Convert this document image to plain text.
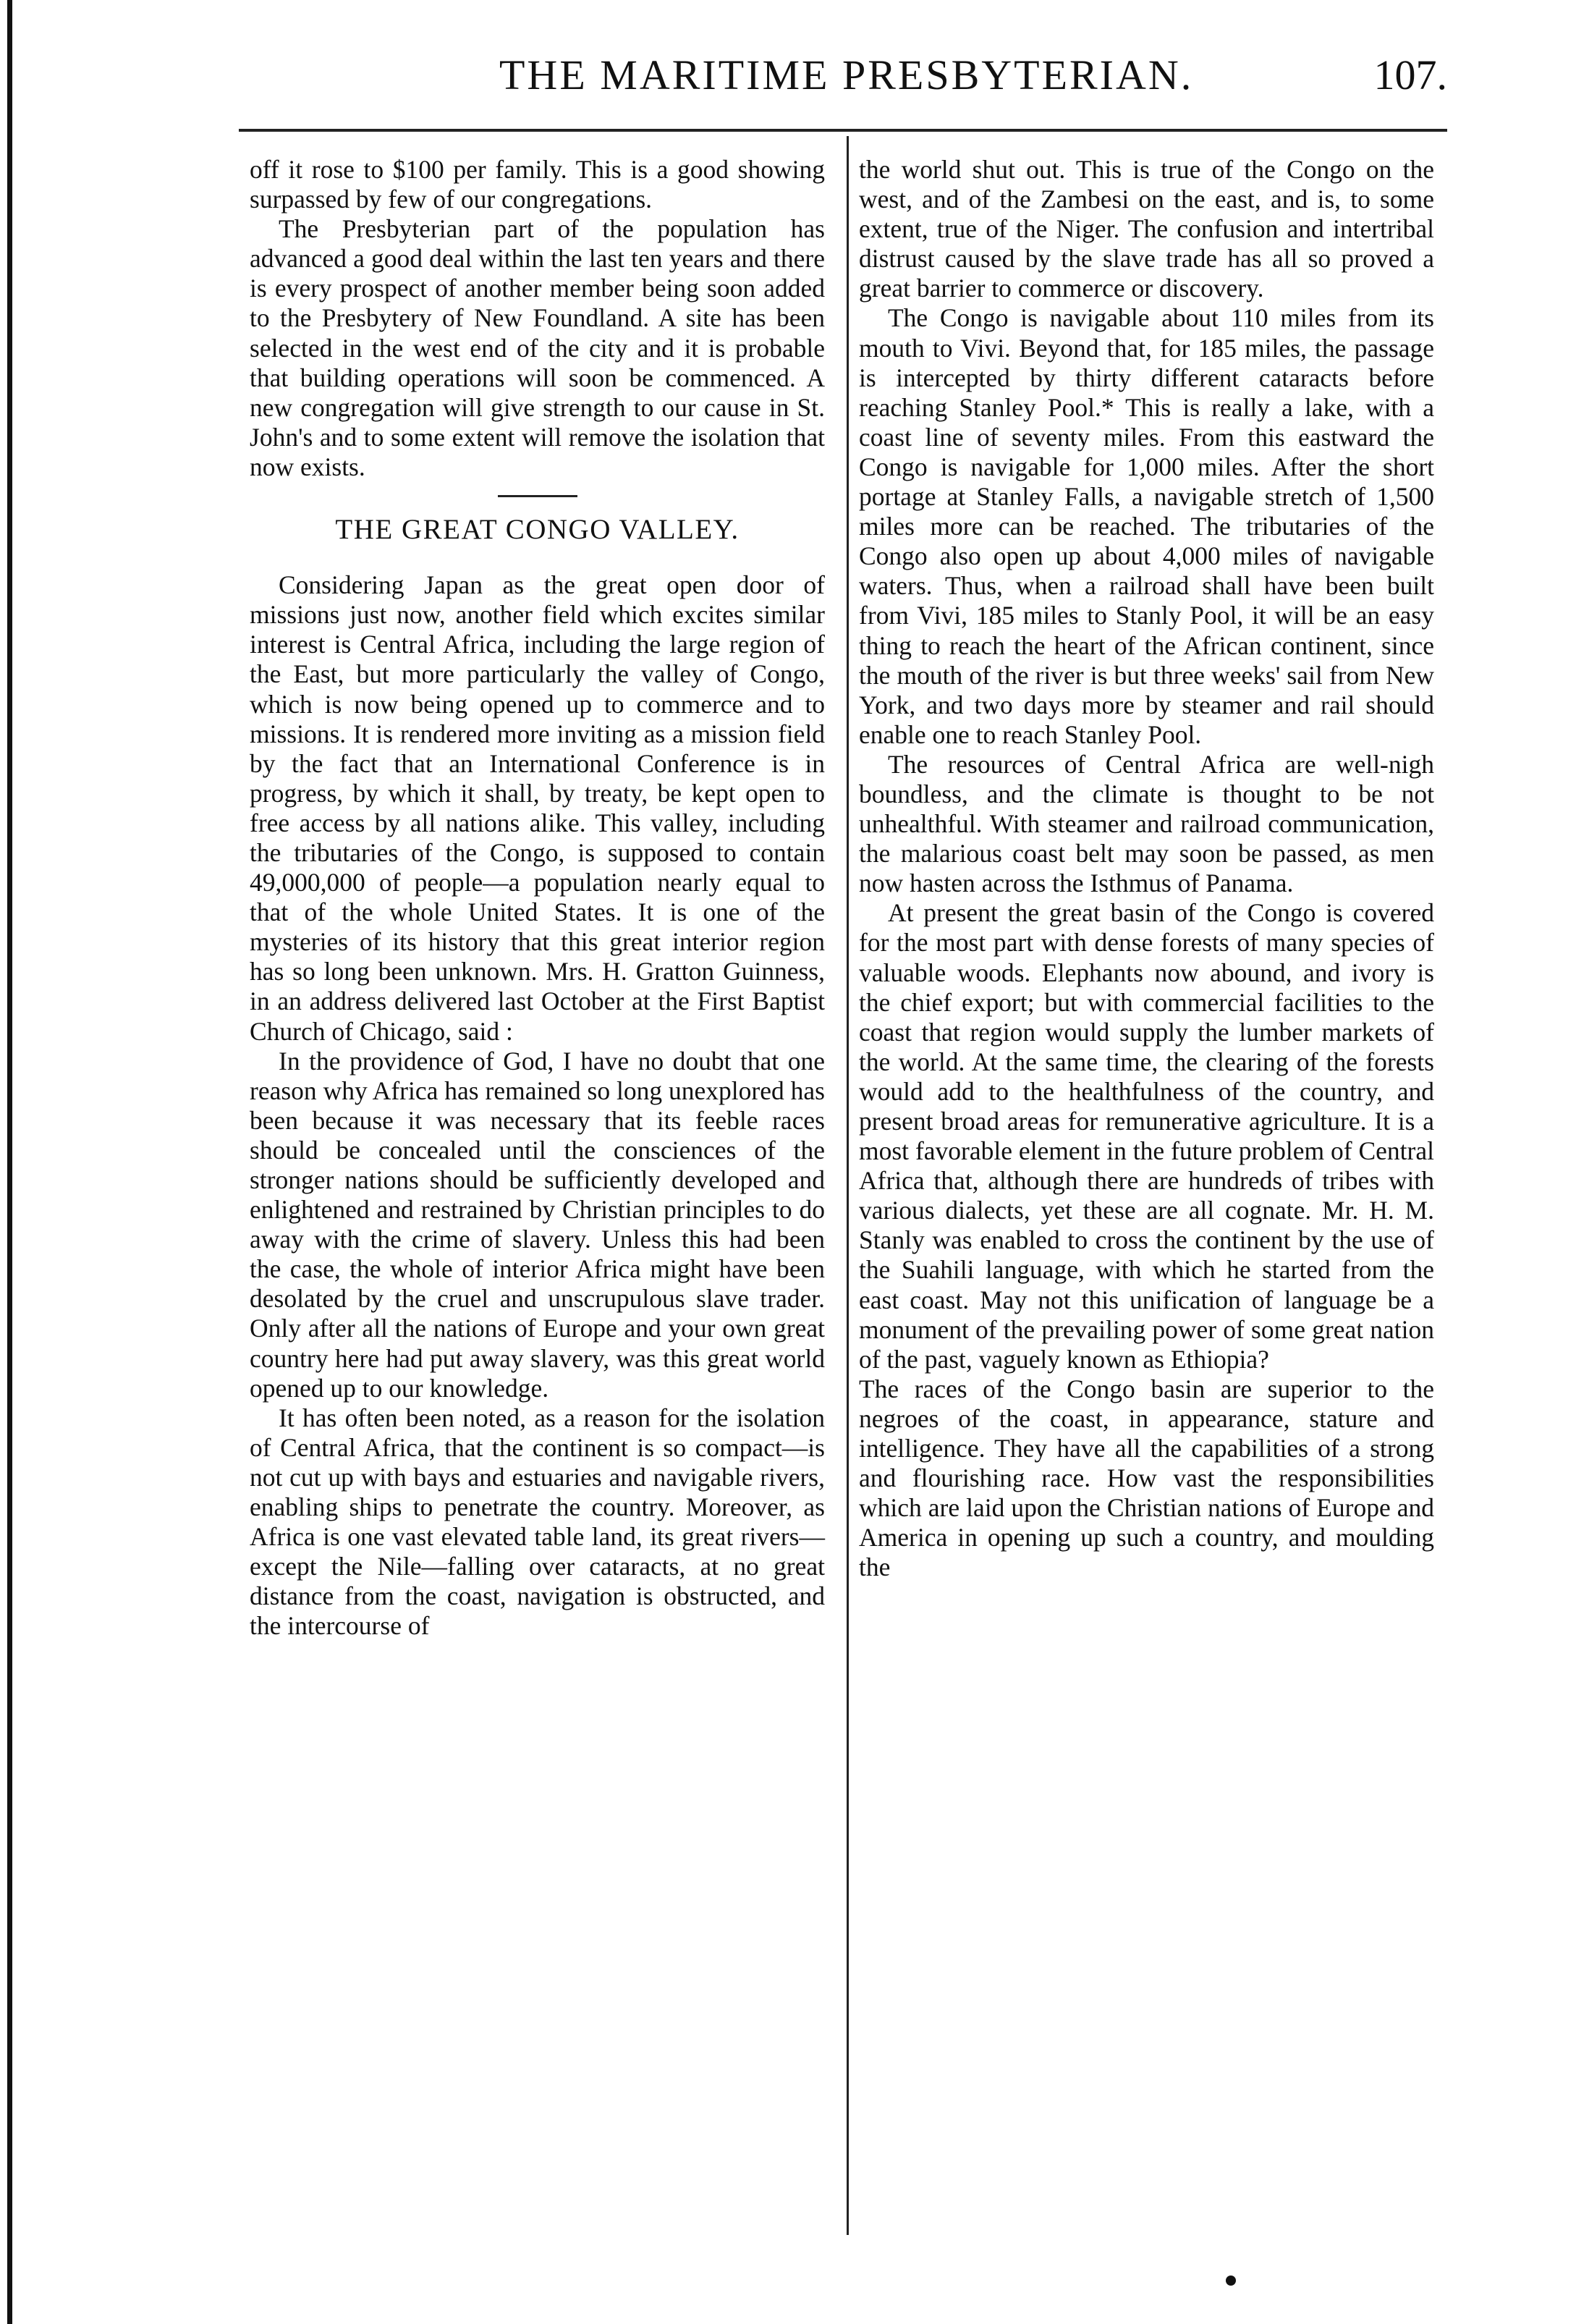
THE MARITIME PRESBYTERIAN.	107.

off it rose to $100 per family. This is a good showing surpassed by few of our congregations.

The Presbyterian part of the population has advanced a good deal within the last ten years and there is every prospect of another member being soon added to the Presbytery of New Foundland. A site has been selected in the west end of the city and it is probable that building operations will soon be commenced. A new congregation will give strength to our cause in St. John's and to some extent will remove the isolation that now exists.

THE GREAT CONGO VALLEY.

Considering Japan as the great open door of missions just now, another field which excites similar interest is Central Africa, including the large region of the East, but more particularly the valley of Congo, which is now being opened up to commerce and to missions. It is rendered more inviting as a mission field by the fact that an International Conference is in progress, by which it shall, by treaty, be kept open to free access by all nations alike. This valley, including the tributaries of the Congo, is supposed to contain 49,000,000 of people—a population nearly equal to that of the whole United States. It is one of the mysteries of its history that this great interior region has so long been unknown. Mrs. H. Gratton Guinness, in an address delivered last October at the First Baptist Church of Chicago, said :

In the providence of God, I have no doubt that one reason why Africa has remained so long unexplored has been because it was necessary that its feeble races should be concealed until the consciences of the stronger nations should be sufficiently developed and enlightened and restrained by Christian principles to do away with the crime of slavery. Unless this had been the case, the whole of interior Africa might have been desolated by the cruel and unscrupulous slave trader. Only after all the nations of Europe and your own great country here had put away slavery, was this great world opened up to our knowledge.

It has often been noted, as a reason for the isolation of Central Africa, that the continent is so compact—is not cut up with bays and estuaries and navigable rivers, enabling ships to penetrate the country. Moreover, as Africa is one vast elevated table land, its great rivers—except the Nile—falling over cataracts, at no great distance from the coast, navigation is obstructed, and the intercourse of

the world shut out. This is true of the Congo on the west, and of the Zambesi on the east, and is, to some extent, true of the Niger. The confusion and intertribal distrust caused by the slave trade has all so proved a great barrier to commerce or discovery.

The Congo is navigable about 110 miles from its mouth to Vivi. Beyond that, for 185 miles, the passage is intercepted by thirty different cataracts before reaching Stanley Pool.* This is really a lake, with a coast line of seventy miles. From this eastward the Congo is navigable for 1,000 miles. After the short portage at Stanley Falls, a navigable stretch of 1,500 miles more can be reached. The tributaries of the Congo also open up about 4,000 miles of navigable waters. Thus, when a railroad shall have been built from Vivi, 185 miles to Stanly Pool, it will be an easy thing to reach the heart of the African continent, since the mouth of the river is but three weeks' sail from New York, and two days more by steamer and rail should enable one to reach Stanley Pool.

The resources of Central Africa are well-nigh boundless, and the climate is thought to be not unhealthful. With steamer and railroad communication, the malarious coast belt may soon be passed, as men now hasten across the Isthmus of Panama.

At present the great basin of the Congo is covered for the most part with dense forests of many species of valuable woods. Elephants now abound, and ivory is the chief export; but with commercial facilities to the coast that region would supply the lumber markets of the world. At the same time, the clearing of the forests would add to the healthfulness of the country, and present broad areas for remunerative agriculture. It is a most favorable element in the future problem of Central Africa that, although there are hundreds of tribes with various dialects, yet these are all cognate. Mr. H. M. Stanly was enabled to cross the continent by the use of the Suahili language, with which he started from the east coast. May not this unification of language be a monument of the prevailing power of some great nation of the past, vaguely known as Ethiopia?

The races of the Congo basin are superior to the negroes of the coast, in appearance, stature and intelligence. They have all the capabilities of a strong and flourishing race. How vast the responsibilities which are laid upon the Christian nations of Europe and America in opening up such a country, and moulding the
